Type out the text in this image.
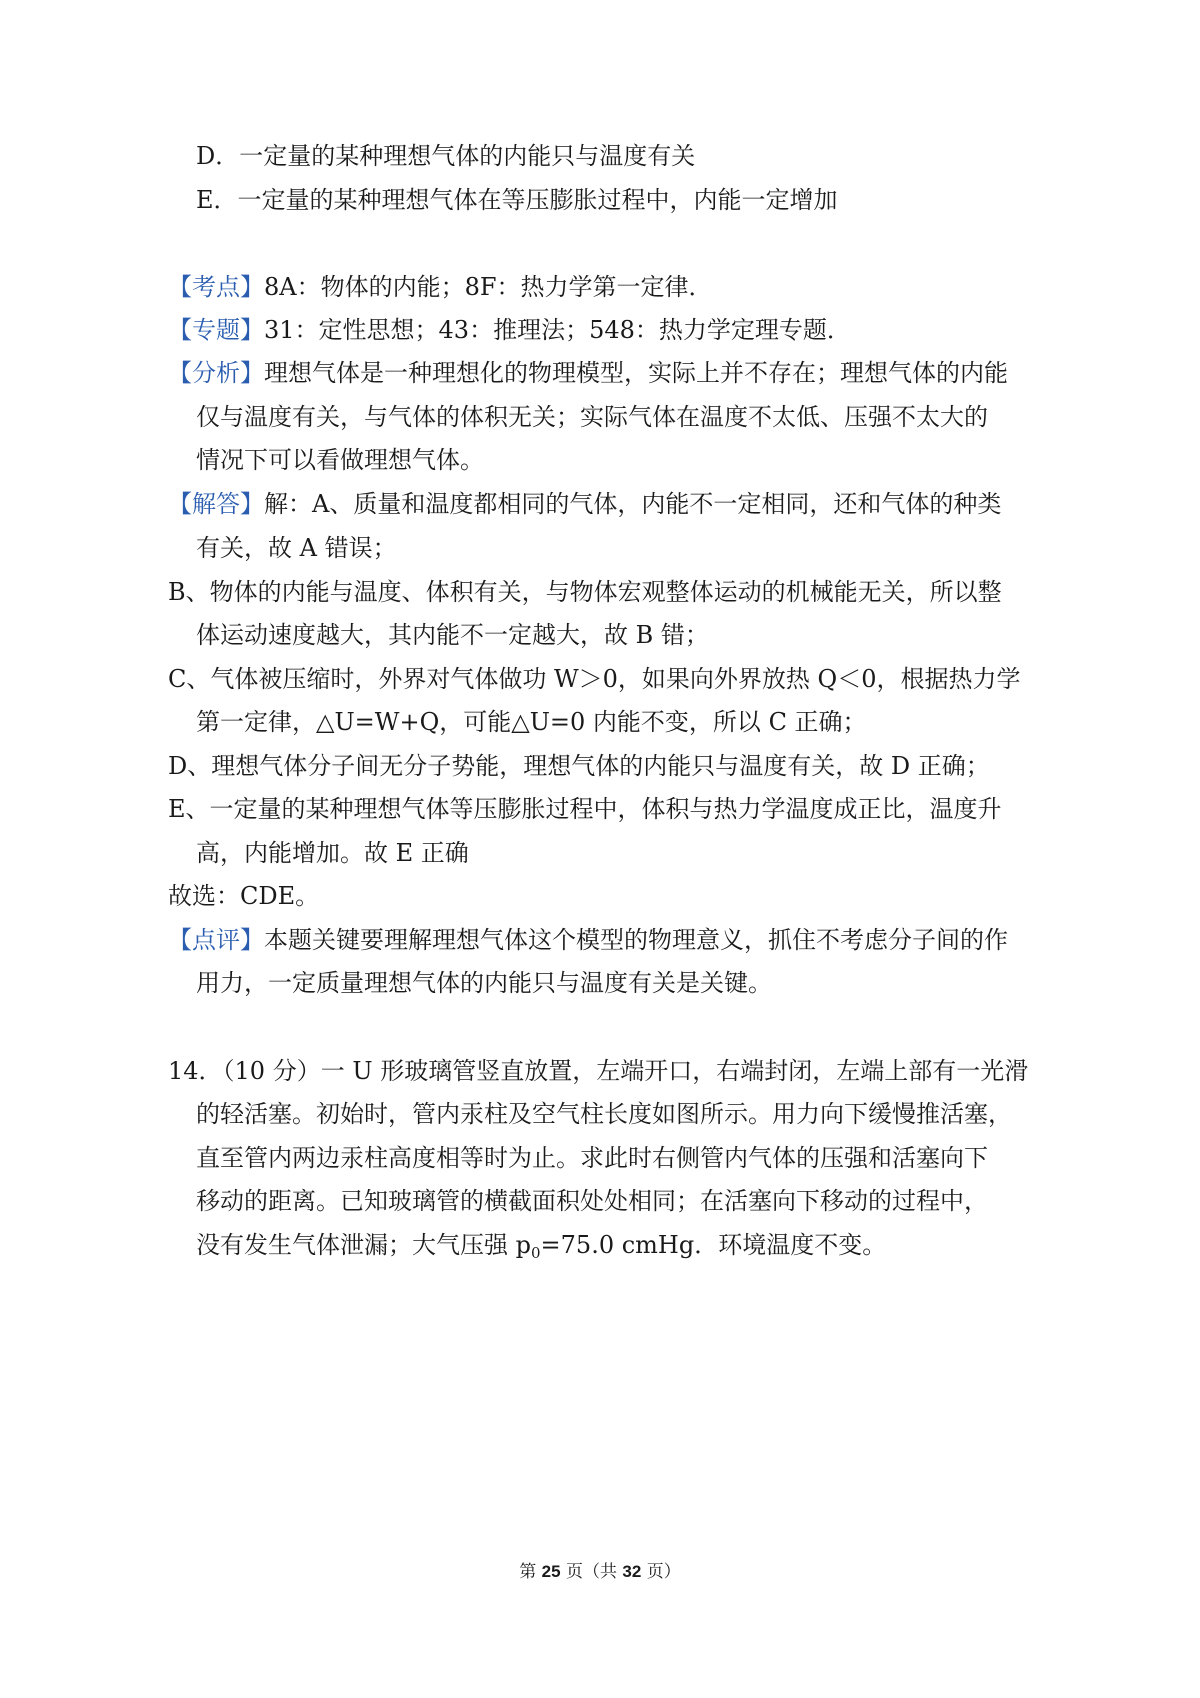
D．一定量的某种理想气体的内能只与温度有关
E．一定量的某种理想气体在等压膨胀过程中，内能一定增加
【考点】8A：物体的内能；8F：热力学第一定律．
【专题】31：定性思想；43：推理法；548：热力学定理专题．
【分析】理想气体是一种理想化的物理模型，实际上并不存在；理想气体的内能
仅与温度有关，与气体的体积无关；实际气体在温度不太低、压强不太大的
情况下可以看做理想气体。
【解答】解：A、质量和温度都相同的气体，内能不一定相同，还和气体的种类
有关，故 A 错误；
B、物体的内能与温度、体积有关，与物体宏观整体运动的机械能无关，所以整
体运动速度越大，其内能不一定越大，故 B 错；
C、气体被压缩时，外界对气体做功 W＞0，如果向外界放热 Q＜0，根据热力学
第一定律，△U=W+Q，可能△U=0 内能不变，所以 C 正确；
D、理想气体分子间无分子势能，理想气体的内能只与温度有关，故 D 正确；
E、一定量的某种理想气体等压膨胀过程中，体积与热力学温度成正比，温度升
高，内能增加。故 E 正确
故选：CDE。
【点评】本题关键要理解理想气体这个模型的物理意义，抓住不考虑分子间的作
用力，一定质量理想气体的内能只与温度有关是关键。
14．（10 分）一 U 形玻璃管竖直放置，左端开口，右端封闭，左端上部有一光滑
的轻活塞。初始时，管内汞柱及空气柱长度如图所示。用力向下缓慢推活塞，
直至管内两边汞柱高度相等时为止。求此时右侧管内气体的压强和活塞向下
移动的距离。已知玻璃管的横截面积处处相同；在活塞向下移动的过程中，
没有发生气体泄漏；大气压强 $p_0=75.0$ cmHg．环境温度不变。
第 25 页（共 32 页）
